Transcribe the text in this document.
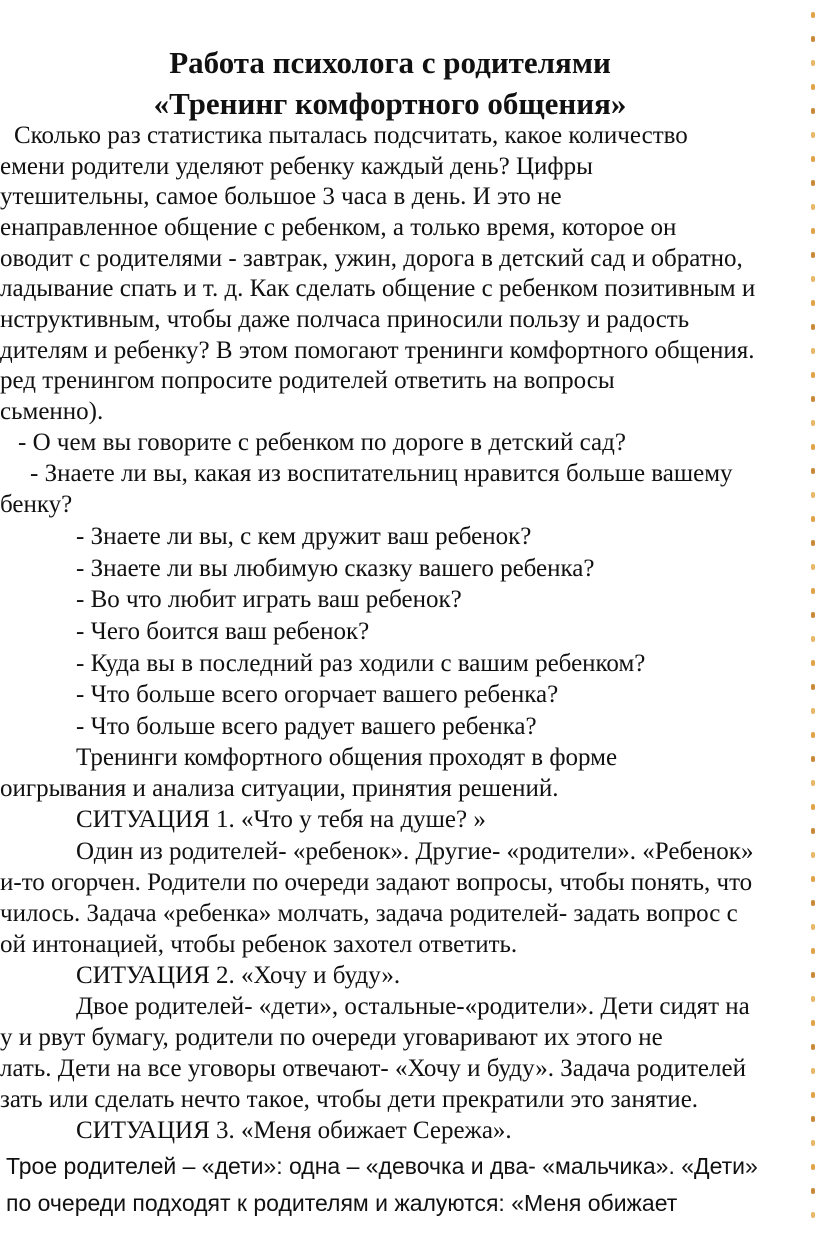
Работа психолога с родителями
«Тренинг комфортного общения»
Сколько раз статистика пыталась подсчитать, какое количество
емени родители уделяют ребенку каждый день? Цифры
утешительны, самое большое 3 часа в день. И это не
енаправленное общение с ребенком, а только время, которое он
оводит с родителями - завтрак, ужин, дорога в детский сад и обратно,
ладывание спать и т. д. Как сделать общение с ребенком позитивным и
нструктивным, чтобы даже полчаса приносили пользу и радость
дителям и ребенку? В этом помогают тренинги комфортного общения.
ред тренингом попросите родителей ответить на вопросы
сьменно).
- О чем вы говорите с ребенком по дороге в детский сад?
- Знаете ли вы, какая из воспитательниц нравится больше вашему
бенку?
- Знаете ли вы, с кем дружит ваш ребенок?
- Знаете ли вы любимую сказку вашего ребенка?
- Во что любит играть ваш ребенок?
- Чего боится ваш ребенок?
- Куда вы в последний раз ходили с вашим ребенком?
- Что больше всего огорчает вашего ребенка?
- Что больше всего радует вашего ребенка?
Тренинги комфортного общения проходят в форме
оигрывания и анализа ситуации, принятия решений.
СИТУАЦИЯ 1. «Что у тебя на душе? »
Один из родителей- «ребенок». Другие- «родители». «Ребенок»
и-то огорчен. Родители по очереди задают вопросы, чтобы понять, что
чилось. Задача «ребенка» молчать, задача родителей- задать вопрос с
ой интонацией, чтобы ребенок захотел ответить.
СИТУАЦИЯ 2. «Хочу и буду».
Двое родителей- «дети», остальные-«родители». Дети сидят на
у и рвут бумагу, родители по очереди уговаривают их этого не
лать. Дети на все уговоры отвечают- «Хочу и буду». Задача родителей
зать или сделать нечто такое, чтобы дети прекратили это занятие.
СИТУАЦИЯ 3. «Меня обижает Сережа».
Трое родителей – «дети»: одна – «девочка и два- «мальчика». «Дети»
по очереди подходят к родителям и жалуются: «Меня обижает
